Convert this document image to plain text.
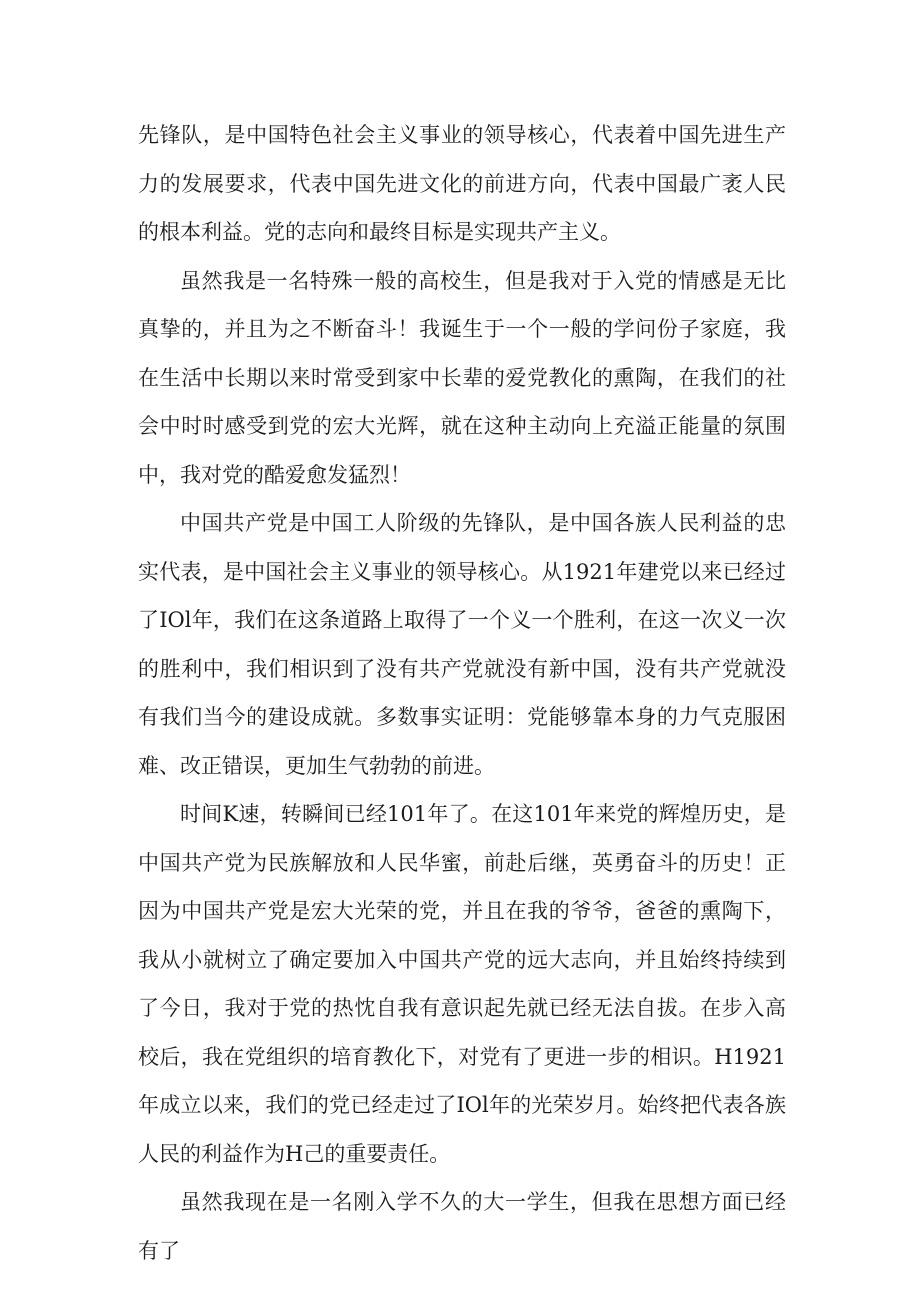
先锋队，是中国特色社会主义事业的领导核心，代表着中国先进生产力的发展要求，代表中国先进文化的前进方向，代表中国最广袤人民的根本利益。党的志向和最终目标是实现共产主义。

虽然我是一名特殊一般的高校生，但是我对于入党的情感是无比真挚的，并且为之不断奋斗！我诞生于一个一般的学问份子家庭，我在生活中长期以来时常受到家中长辈的爱党教化的熏陶，在我们的社会中时时感受到党的宏大光辉，就在这种主动向上充溢正能量的氛围中，我对党的酷爱愈发猛烈！

中国共产党是中国工人阶级的先锋队，是中国各族人民利益的忠实代表，是中国社会主义事业的领导核心。从1921年建党以来已经过了IOl年，我们在这条道路上取得了一个义一个胜利，在这一次义一次的胜利中，我们相识到了没有共产党就没有新中国，没有共产党就没有我们当今的建设成就。多数事实证明：党能够靠本身的力气克服困难、改正错误，更加生气勃勃的前进。

时间K速，转瞬间已经101年了。在这101年来党的辉煌历史，是中国共产党为民族解放和人民华蜜，前赴后继，英勇奋斗的历史！正因为中国共产党是宏大光荣的党，并且在我的爷爷，爸爸的熏陶下，我从小就树立了确定要加入中国共产党的远大志向，并且始终持续到了今日，我对于党的热忱自我有意识起先就已经无法自拔。在步入高校后，我在党组织的培育教化下，对党有了更进一步的相识。H1921年成立以来，我们的党已经走过了IOl年的光荣岁月。始终把代表各族人民的利益作为H己的重要责任。

虽然我现在是一名刚入学不久的大一学生，但我在思想方面已经有了
